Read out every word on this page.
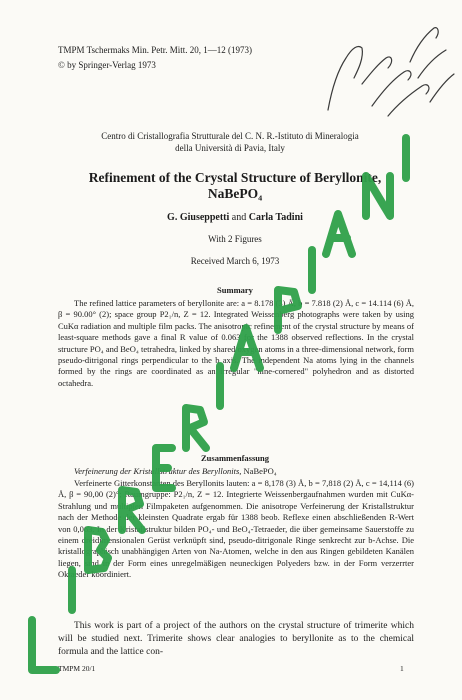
TMPM Tschermaks Min. Petr. Mitt. 20, 1—12 (1973)
© by Springer-Verlag 1973
Centro di Cristallografia Strutturale del C. N. R.-Istituto di Mineralogia
della Università di Pavia, Italy
Refinement of the Crystal Structure of Beryllonite,
NaBePO₄
G. Giuseppetti and Carla Tadini
With 2 Figures
Received March 6, 1973
Summary
The refined lattice parameters of beryllonite are: a = 8.178 (3) Å, b = 7.818 (2) Å, c = 14.114 (6) Å, β = 90.00° (2); space group P2₁/n, Z = 12. Integrated Weissenberg photographs were taken by using CuKα radiation and multiple film packs. The anisotropic refinement of the crystal structure by means of least-square methods gave a final R value of 0.063 for the 1388 observed reflections. In the crystal structure PO₄ and BeO₄ tetrahedra, linked by shared oxygen atoms in a three-dimensional network, form pseudo-ditrigonal rings perpendicular to the b axis. The independent Na atoms lying in the channels formed by the rings are coordinated as an irregular "nine-cornered" polyhedron and as distorted octahedra.
Zusammenfassung
Verfeinerung der Kristallstruktur des Beryllonits, NaBePO₄
Verfeinerte Gitterkonstanten des Beryllonits lauten: a = 8,178 (3) Å, b = 7,818 (2) Å, c = 14,114 (6) Å, β = 90,00 (2)°; Raumgruppe: P2₁/n, Z = 12. Integrierte Weissenbergaufnahmen wurden mit CuKα-Strahlung und multiplen Filmpaketen aufgenommen. Die anisotrope Verfeinerung der Kristallstruktur nach der Methode der kleinsten Quadrate ergab für 1388 beob. Reflexe einen abschließenden R-Wert von 0,063. In der Kristallstruktur bilden PO₄- und BeO₄-Tetraeder, die über gemeinsame Sauerstoffe zu einem dreidimensionalen Gerüst verknüpft sind, pseudo-ditrigonale Ringe senkrecht zur b-Achse. Die kristallographisch unabhängigen Arten von Na-Atomen, welche in den aus Ringen gebildeten Kanälen liegen, sind in der Form eines unregelmäßigen neuneckigen Polyeders bzw. in der Form verzerrter Oktaeder koordiniert.
This work is part of a project of the authors on the crystal structure of trimerite which will be studied next. Trimerite shows clear analogies to beryllonite as to the chemical formula and the lattice con-
TMPM 20/1	1
